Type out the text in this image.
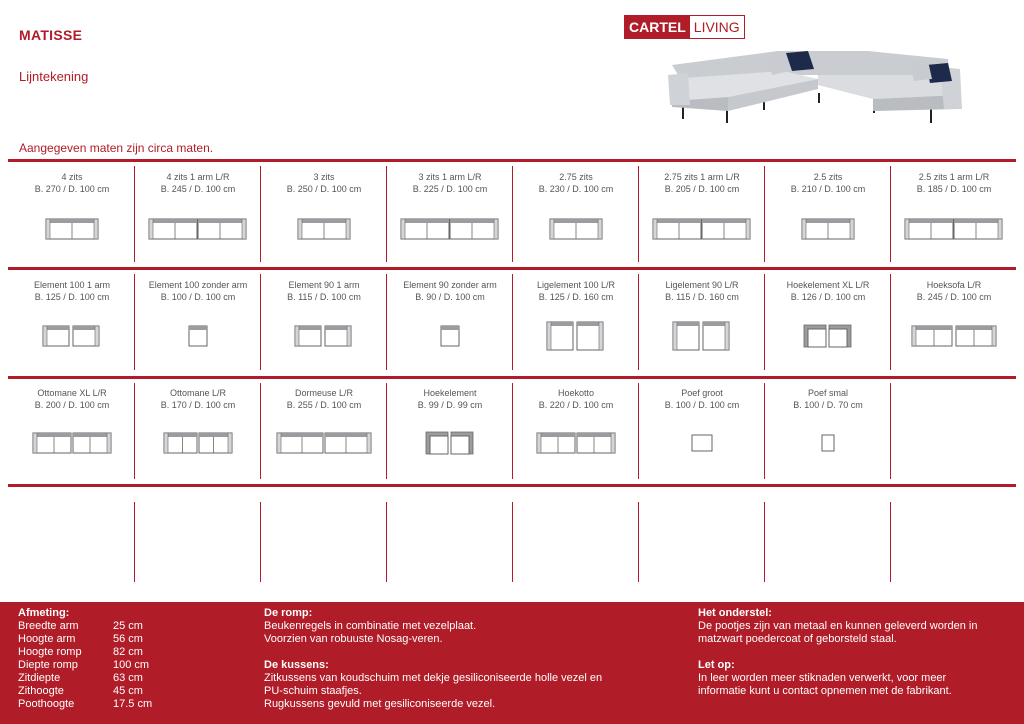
MATISSE
Lijntekening
CARTEL LIVING
Aangegeven maten zijn circa maten.
4 zits
B. 270 / D. 100 cm
4 zits 1 arm L/R
B. 245 / D. 100 cm
3 zits
B. 250 / D. 100 cm
3 zits 1 arm L/R
B. 225 / D. 100 cm
2.75 zits
B. 230 / D. 100 cm
2.75 zits 1 arm L/R
B. 205 / D. 100 cm
2.5 zits
B. 210 / D. 100 cm
2.5 zits 1 arm L/R
B. 185 / D. 100 cm
Element 100 1 arm
B. 125 / D. 100 cm
Element 100 zonder arm
B. 100 / D. 100 cm
Element 90 1 arm
B. 115 / D. 100 cm
Element 90 zonder arm
B. 90 / D. 100 cm
Ligelement 100 L/R
B. 125 / D. 160 cm
Ligelement 90 L/R
B. 115 / D. 160 cm
Hoekelement XL L/R
B. 126 / D. 100 cm
Hoeksofa L/R
B. 245 / D. 100 cm
Ottomane XL L/R
B. 200 / D. 100 cm
Ottomane L/R
B. 170 / D. 100 cm
Dormeuse L/R
B. 255 / D. 100 cm
Hoekelement
B. 99 / D. 99 cm
Hoekotto
B. 220 / D. 100 cm
Poef groot
B. 100 / D. 100 cm
Poef smal
B. 100 / D. 70 cm
Afmeting:
Breedte arm	25 cm
Hoogte arm	56 cm
Hoogte romp	82 cm
Diepte romp	100 cm
Zitdiepte	63 cm
Zithoogte	45 cm
Poothoogte	17.5 cm
De romp:
Beukenregels in combinatie met vezelplaat.
Voorzien van robuuste Nosag-veren.
De kussens:
Zitkussens van koudschuim met dekje gesiliconiseerde holle vezel en
PU-schuim staafjes.
Rugkussens gevuld met gesiliconiseerde vezel.
Het onderstel:
De pootjes zijn van metaal en kunnen geleverd worden in
matzwart poedercoat of geborsteld staal.
Let op:
In leer worden meer stiknaden verwerkt, voor meer
informatie kunt u contact opnemen met de fabrikant.
